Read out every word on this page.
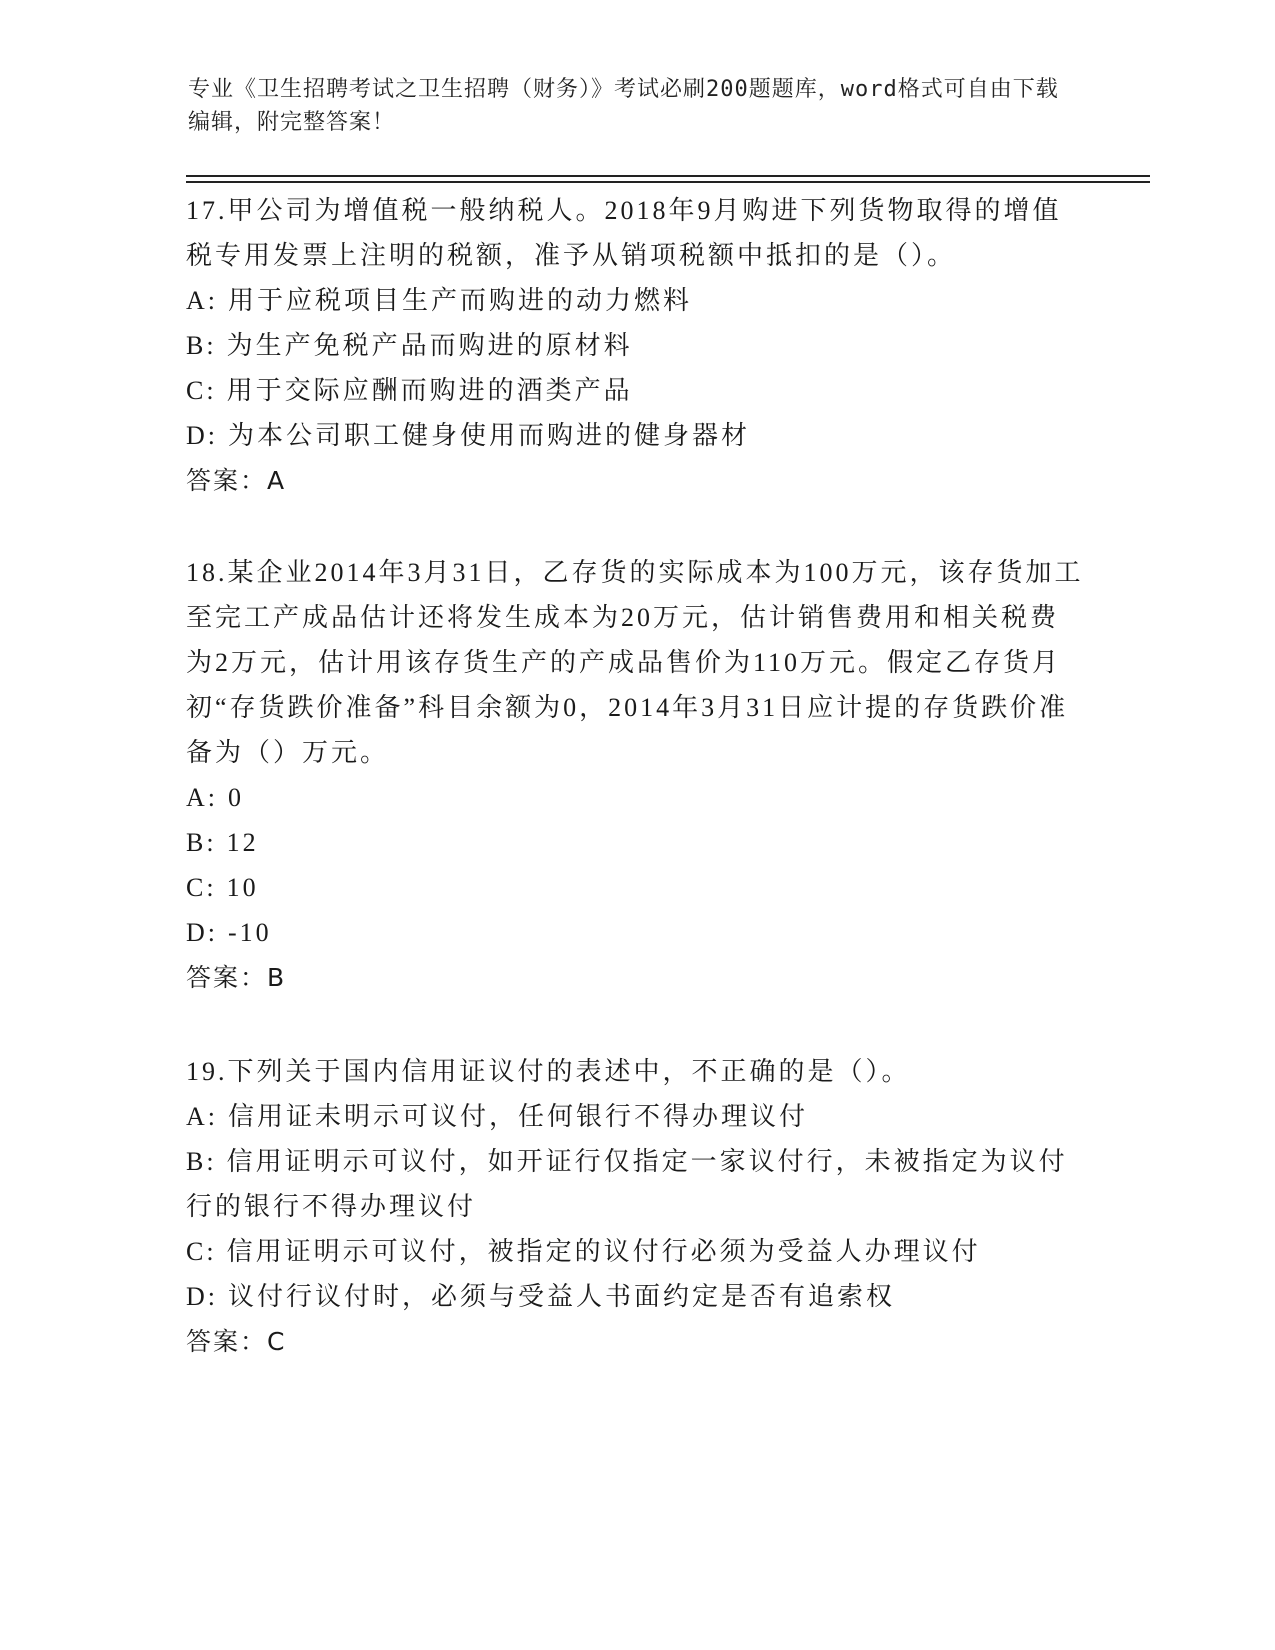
专业《卫生招聘考试之卫生招聘（财务）》考试必刷200题题库，word格式可自由下载编辑，附完整答案！

17.甲公司为增值税一般纳税人。2018年9月购进下列货物取得的增值税专用发票上注明的税额，准予从销项税额中抵扣的是（）。

A: 用于应税项目生产而购进的动力燃料

B: 为生产免税产品而购进的原材料

C: 用于交际应酬而购进的酒类产品

D: 为本公司职工健身使用而购进的健身器材

答案：A

18.某企业2014年3月31日，乙存货的实际成本为100万元，该存货加工至完工产成品估计还将发生成本为20万元，估计销售费用和相关税费为2万元，估计用该存货生产的产成品售价为110万元。假定乙存货月初“存货跌价准备”科目余额为0，2014年3月31日应计提的存货跌价准备为（）万元。

A: 0

B: 12

C: 10

D: -10

答案：B

19.下列关于国内信用证议付的表述中，不正确的是（）。

A: 信用证未明示可议付，任何银行不得办理议付

B: 信用证明示可议付，如开证行仅指定一家议付行，未被指定为议付行的银行不得办理议付

C: 信用证明示可议付，被指定的议付行必须为受益人办理议付

D: 议付行议付时，必须与受益人书面约定是否有追索权

答案：C
